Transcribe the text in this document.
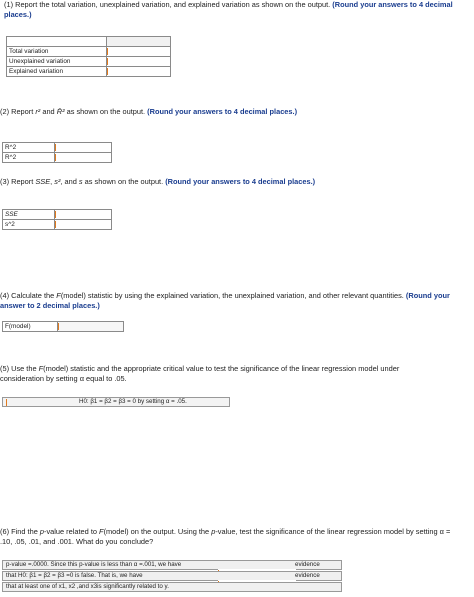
(1) Report the total variation, unexplained variation, and explained variation as shown on the output. (Round your answers to 4 decimal places.)

Total variation	
Unexplained variation	
Explained variation	
(2) Report r² and R̄² as shown on the output. (Round your answers to 4 decimal places.)
R^2	
R^2	
(3) Report SSE, s², and s as shown on the output. (Round your answers to 4 decimal places.)
SSE	
s^2	
(4) Calculate the F(model) statistic by using the explained variation, the unexplained variation, and other relevant quantities. (Round your answer to 2 decimal places.)
F(model)	
(5) Use the F(model) statistic and the appropriate critical value to test the significance of the linear regression model under consideration by setting α equal to .05.
H0: β1 = β2 = β3 = 0 by setting α = .05.
(6) Find the p-value related to F(model) on the output. Using the p-value, test the significance of the linear regression model by setting α = .10, .05, .01, and .001. What do you conclude?
p-value =.0000. Since this p-value is less than α =.001, we have	evidence
that H0: β1 = β2 = β3 =0 is false. That is, we have	evidence
that at least one of x1, x2 ,and x3is significantly related to y.
